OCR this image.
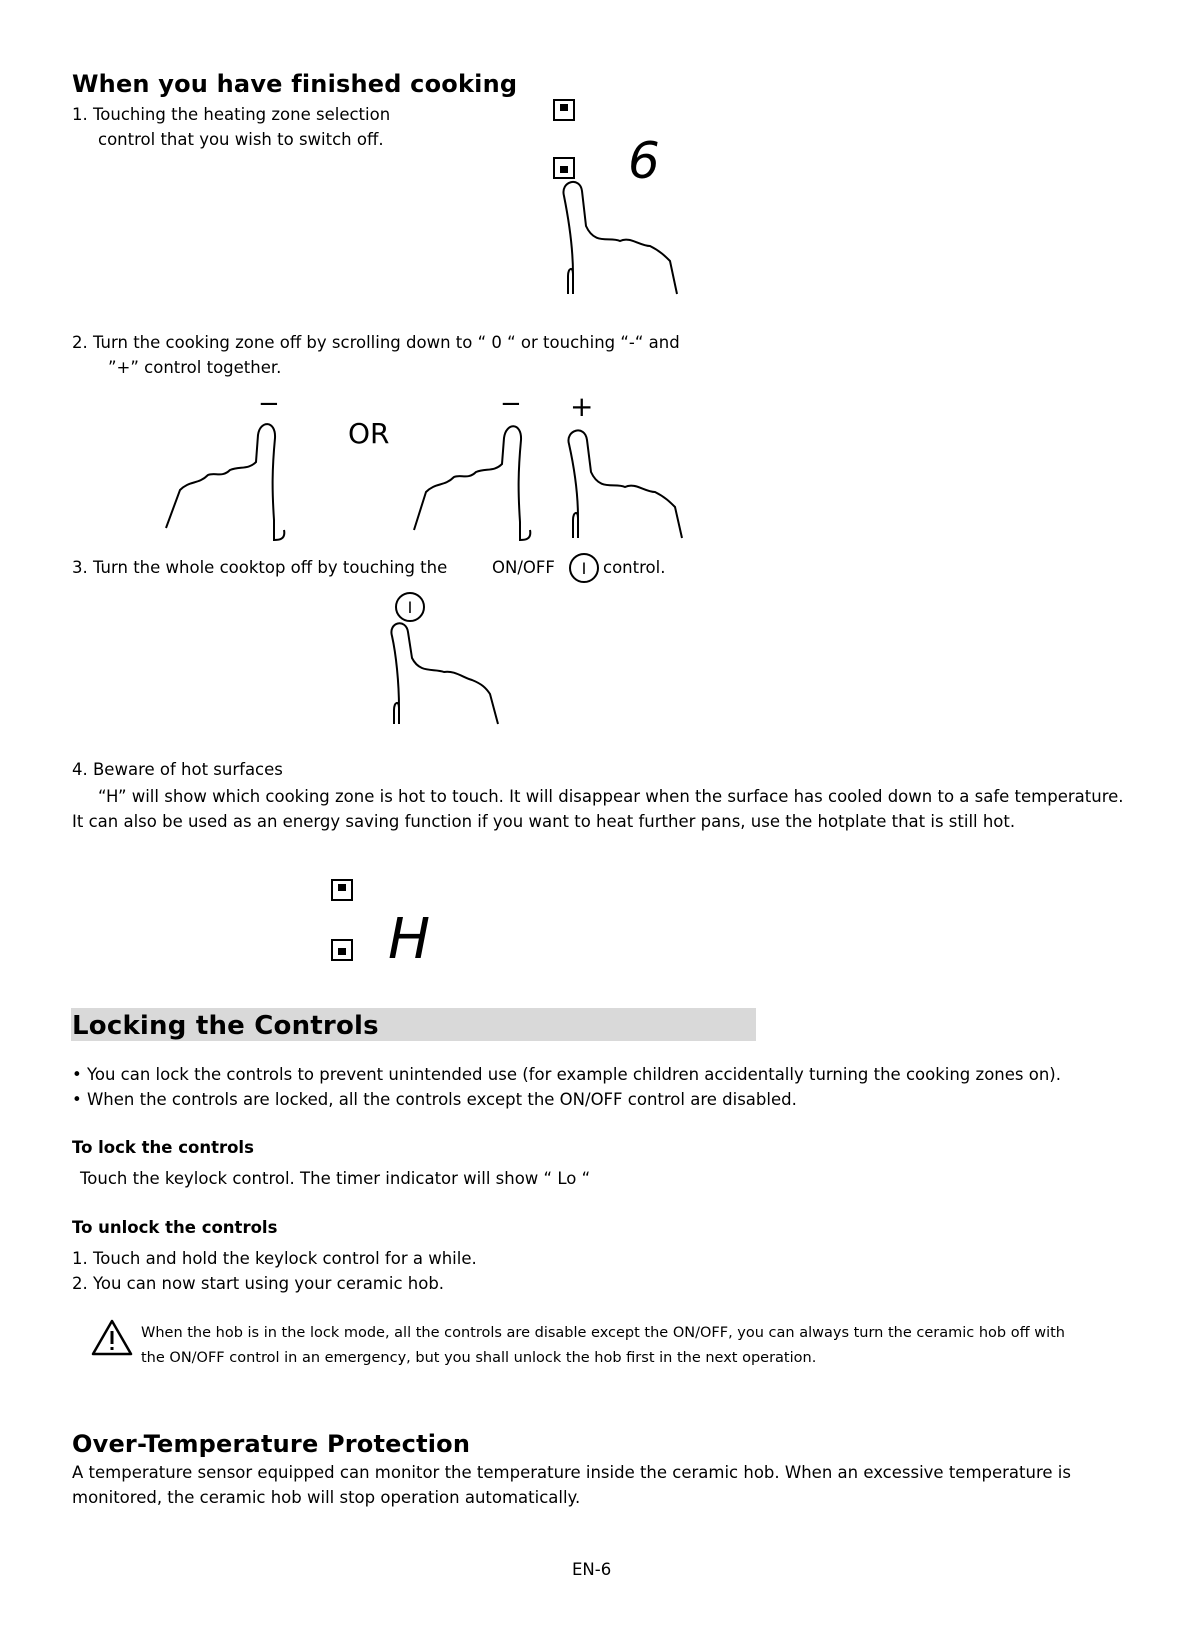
When you have finished cooking
1. Touching the heating zone selection
control that you wish to switch off.	6
2. Turn the cooking zone off by scrolling down to “ 0 “ or touching “-“ and
”+” control together.
−
OR
− +
3. Turn the whole cooktop off by touching the	ON/OFF I control.
I
4. Beware of hot surfaces
“H” will show which cooking zone is hot to touch. It will disappear when the surface has cooled down to a safe temperature. It can also be used as an energy saving function if you want to heat further pans, use the hotplate that is still hot.
H
Locking the Controls
• You can lock the controls to prevent unintended use (for example children accidentally turning the cooking zones on).
• When the controls are locked, all the controls except the ON/OFF control are disabled.
To lock the controls
Touch the keylock control. The timer indicator will show “ Lo “
To unlock the controls
1. Touch and hold the keylock control for a while.
2. You can now start using your ceramic hob.
When the hob is in the lock mode, all the controls are disable except the ON/OFF, you can always turn the ceramic hob off with
the ON/OFF control in an emergency, but you shall unlock the hob first in the next operation.
Over-Temperature Protection
A temperature sensor equipped can monitor the temperature inside the ceramic hob. When an excessive temperature is monitored, the ceramic hob will stop operation automatically.
EN-6
